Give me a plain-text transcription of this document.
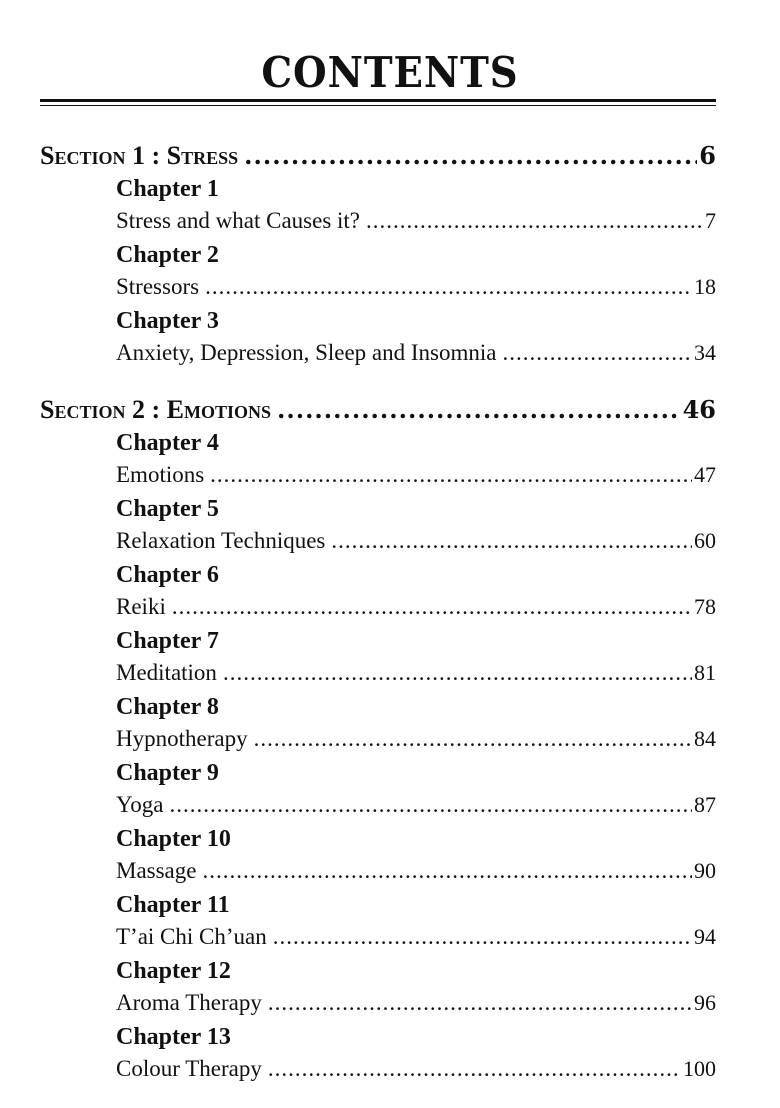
CONTENTS
Section 1 : Stress .....	6
Chapter 1
Stress and what Causes it? .....	7
Chapter 2
Stressors .....	18
Chapter 3
Anxiety, Depression, Sleep and Insomnia .....	34
Section 2 : Emotions .....	46
Chapter 4
Emotions .....	47
Chapter 5
Relaxation Techniques .....	60
Chapter 6
Reiki .....	78
Chapter 7
Meditation .....	81
Chapter 8
Hypnotherapy .....	84
Chapter 9
Yoga .....	87
Chapter 10
Massage .....	90
Chapter 11
T’ai Chi Ch’uan .....	94
Chapter 12
Aroma Therapy .....	96
Chapter 13
Colour Therapy .....	100
